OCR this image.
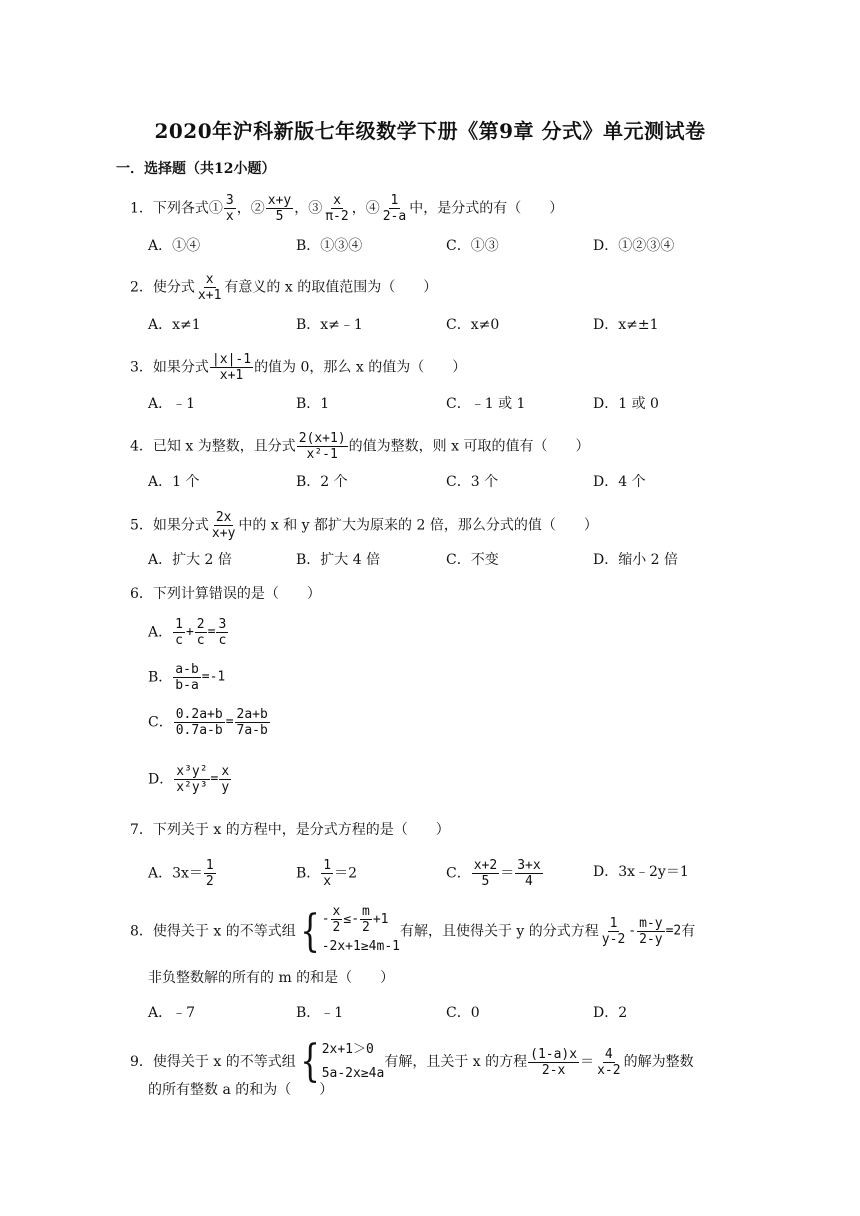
2020年沪科新版七年级数学下册《第9章 分式》单元测试卷
一．选择题（共12小题）
1．下列各式① $\frac{3}{x}$ ，② $\frac{x+y}{5}$ ，③ $\frac{x}{\pi-2}$ ，④ $\frac{1}{2-a}$ 中，是分式的有（　　）
A．①④	B．①③④	C．①③	D．①②③④
2．使分式 $\frac{x}{x+1}$ 有意义的 x 的取值范围为（　　）
A．x≠1	B．x≠﹣1	C．x≠0	D．x≠±1
3．如果分式 $\frac{|x|-1}{x+1}$ 的值为 0，那么 x 的值为（　　）
A．﹣1	B．1	C．﹣1 或 1	D．1 或 0
4．已知 x 为整数，且分式 $\frac{2(x+1)}{\text{x²-1}}$ 的值为整数，则 x 可取的值有（　　）
A．1 个	B．2 个	C．3 个	D．4 个
5．如果分式 $\frac{2x}{x+y}$ 中的 x 和 y 都扩大为原来的 2 倍，那么分式的值（　　）
A．扩大 2 倍	B．扩大 4 倍	C．不变	D．缩小 2 倍
6．下列计算错误的是（　　）
A． $\frac{1}{c} + \frac{2}{c} = \frac{3}{c}$
B． $\frac{a-b}{b-a} =-1$
C． $\frac{0.2a+b}{0.7a-b} = \frac{2a+b}{7a-b}$
D． $\frac{\text{x³y²}}{\text{x²y³}} = \frac{x}{y}$
7．下列关于 x 的方程中，是分式方程的是（　　）
A．$3x= \frac{1}{2}$	B． $\frac{1}{x} =2$	C． $\frac{x+2}{5} = \frac{3+x}{4}$	D．3x﹣2y＝1
8．使得关于 x 的不等式组 { - $\frac{x}{2} \le- \frac{m}{2} +1$
-2x+1≥4m-1
有解，且使得关于 y 的分式方程 $\frac{1}{y-2} - \frac{m-y}{2-y} =2$有
非负整数解的所有的 m 的和是（　　）
A．﹣7	B．﹣1	C．0	D．2
9．使得关于 x 的不等式组 { 2x+1＞0
5a-2x≥4a
有解，且关于 x 的方程 $\frac{(1-a)x}{2-x} = \frac{4}{x-2}$ 的解为整数
的所有整数 a 的和为（　　）
